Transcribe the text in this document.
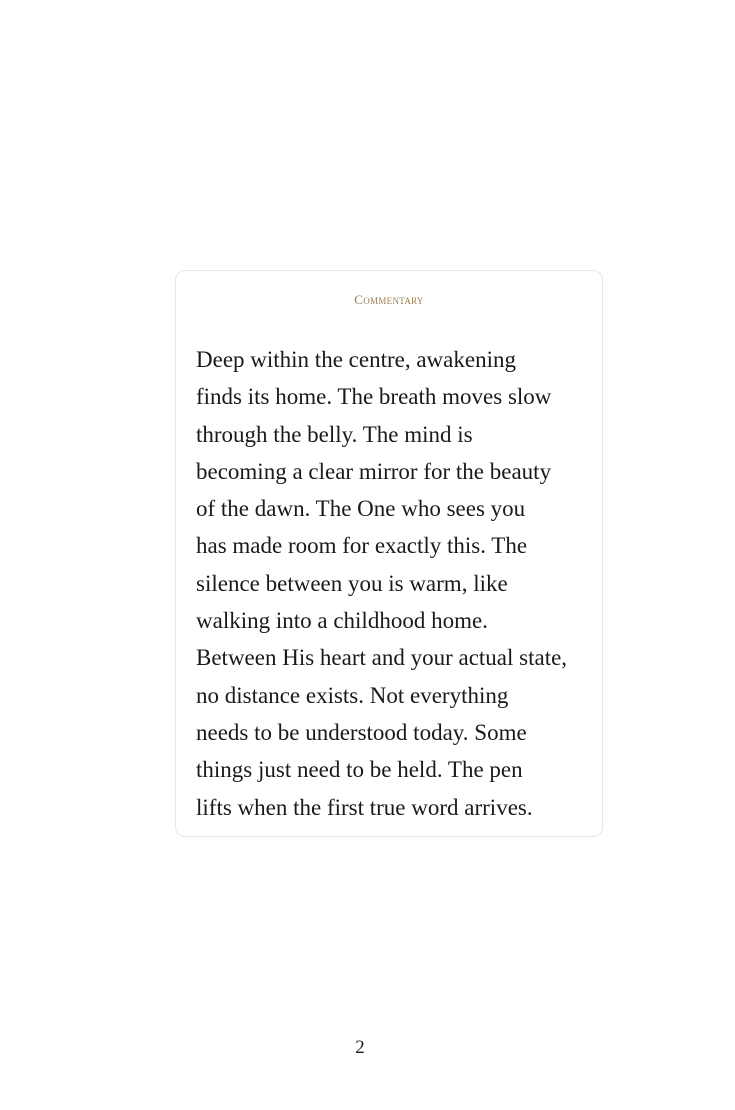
Commentary
Deep within the centre, awakening
finds its home. The breath moves slow
through the belly. The mind is
becoming a clear mirror for the beauty
of the dawn. The One who sees you
has made room for exactly this. The
silence between you is warm, like
walking into a childhood home.
Between His heart and your actual state,
no distance exists. Not everything
needs to be understood today. Some
things just need to be held. The pen
lifts when the first true word arrives.
2
